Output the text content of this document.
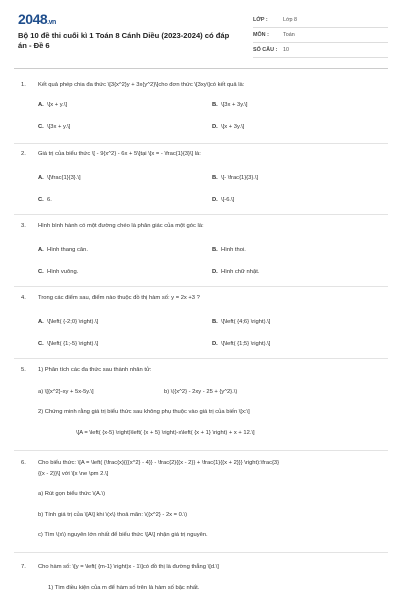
2048.vn
Bộ 10 đề thi cuối kì 1 Toán 8 Cánh Diều (2023-2024) có đáp án - Đề 6
LỚP :	Lớp 8
MÔN :	Toán
SỐ CÂU :	10
1. Kết quả phép chia đa thức \[3{x^2}y + 3x{y^2}\]cho đơn thức \[3xy\]có kết quả là:
A. \[x + y.\]	B. \[3x + 3y.\]
C. \[3x + y.\]	D. \[x + 3y.\]
2. Giá trị của biểu thức \[ - 9{x^2} - 6x + 5\]tại \[x = - \frac{1}{3}\] là:
A. \[\frac{1}{3}.\]	B. \[- \frac{1}{3}.\]
C. 6.	D. \[-6.\]
3. Hình bình hành có một đường chéo là phân giác của một góc là:
A. Hình thang cân.	B. Hình thoi.
C. Hình vuông.	D. Hình chữ nhật.
4. Trong các điểm sau, điểm nào thuộc đồ thị hàm số: y = 2x +3 ?
A. \[\left( {-2;0} \right).\]	B. \[\left( {4;6} \right).\]
C. \[\left( {1;-5} \right).\]	D. \[\left( {1;5} \right).\]
5. 1) Phân tích các đa thức sau thành nhân tử:
a) \[{x^2}-xy + 5x-5y.\]	b) \({x^2} - 2xy - 25 + {y^2}.\)
2) Chứng minh rằng giá trị biểu thức sau không phụ thuộc vào giá trị của biến \[x:\]
\[A = \left( {x-5} \right)\left( {x + 5} \right)-x\left( {x + 1} \right) + x + 12.\]
6. Cho biểu thức: \[A = \left( {\frac{x}{{{x^2} - 4}} - \frac{2}{{x - 2}} + \frac{1}{{x + 2}}} \right):\frac{3}
{{x - 2}}\] với \[x \ne \pm 2.\]
a) Rút gọn biểu thức \(A.\)
b) Tính giá trị của \[A\] khi \(x\) thoả mãn: \({x^2} - 2x = 0.\)
c) Tìm \(x\) nguyên lớn nhất để biểu thức \[A\] nhận giá trị nguyên.
7. Cho hàm số: \[y = \left( {m-1} \right)x - 1\]có đồ thị là đường thẳng \[d.\]
1) Tìm điều kiện của m để hàm số trên là hàm số bậc nhất.
